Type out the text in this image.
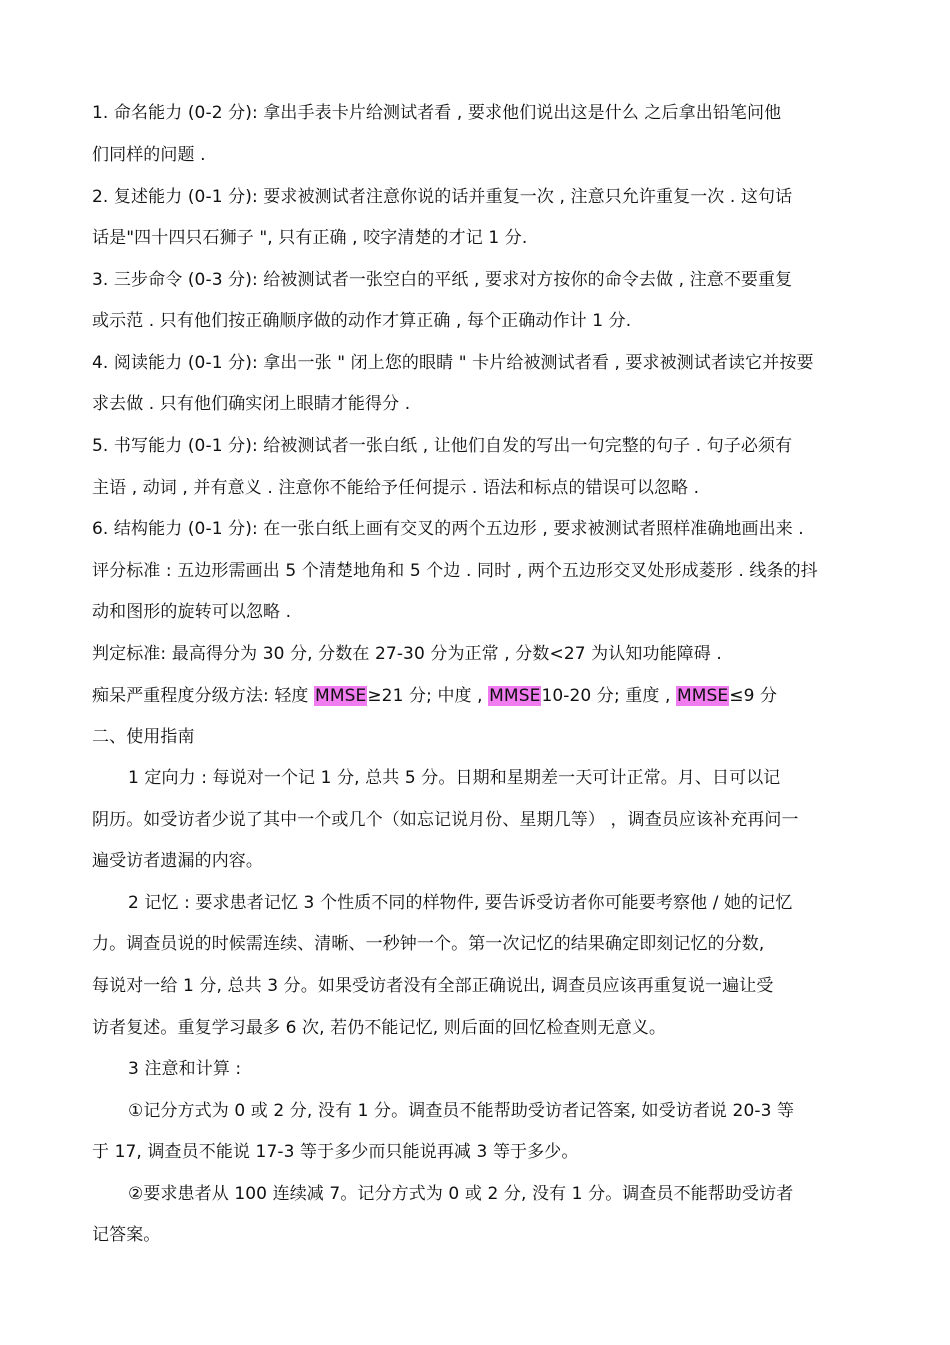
1. 命名能力 (0-2 分): 拿出手表卡片给测试者看 , 要求他们说出这是什么 之后拿出铅笔问他
们同样的问题 .
2. 复述能力 (0-1 分): 要求被测试者注意你说的话并重复一次 , 注意只允许重复一次 . 这句话
话是"四十四只石狮子 ", 只有正确 , 咬字清楚的才记 1 分.
3. 三步命令 (0-3 分): 给被测试者一张空白的平纸 , 要求对方按你的命令去做 , 注意不要重复
或示范 . 只有他们按正确顺序做的动作才算正确 , 每个正确动作计 1 分.
4. 阅读能力 (0-1 分): 拿出一张 " 闭上您的眼睛 " 卡片给被测试者看 , 要求被测试者读它并按要
求去做 . 只有他们确实闭上眼睛才能得分 .
5. 书写能力 (0-1 分): 给被测试者一张白纸 , 让他们自发的写出一句完整的句子 . 句子必须有
主语 , 动词 , 并有意义 . 注意你不能给予任何提示 . 语法和标点的错误可以忽略 .
6. 结构能力 (0-1 分): 在一张白纸上画有交叉的两个五边形 , 要求被测试者照样准确地画出来 .
评分标准 : 五边形需画出 5 个清楚地角和 5 个边 . 同时 , 两个五边形交叉处形成菱形 . 线条的抖
动和图形的旋转可以忽略 .
判定标准: 最高得分为 30 分, 分数在 27-30 分为正常 , 分数<27 为认知功能障碍 .
痴呆严重程度分级方法: 轻度 MMSE≥21 分; 中度 , MMSE10-20 分; 重度 , MMSE≤9 分
二、使用指南
1 定向力 : 每说对一个记 1 分, 总共 5 分。日期和星期差一天可计正常。月、日可以记
阴历。如受访者少说了其中一个或几个（如忘记说月份、星期几等） ，调查员应该补充再问一
遍受访者遗漏的内容。
2 记忆 : 要求患者记忆 3 个性质不同的样物件, 要告诉受访者你可能要考察他 / 她的记忆
力。调查员说的时候需连续、清晰、一秒钟一个。第一次记忆的结果确定即刻记忆的分数,
每说对一给 1 分, 总共 3 分。如果受访者没有全部正确说出, 调查员应该再重复说一遍让受
访者复述。重复学习最多 6 次, 若仍不能记忆, 则后面的回忆检查则无意义。
3 注意和计算 :
①记分方式为 0 或 2 分, 没有 1 分。调查员不能帮助受访者记答案, 如受访者说 20-3 等
于 17, 调查员不能说 17-3 等于多少而只能说再减 3 等于多少。
②要求患者从 100 连续减 7。记分方式为 0 或 2 分, 没有 1 分。调查员不能帮助受访者
记答案。
